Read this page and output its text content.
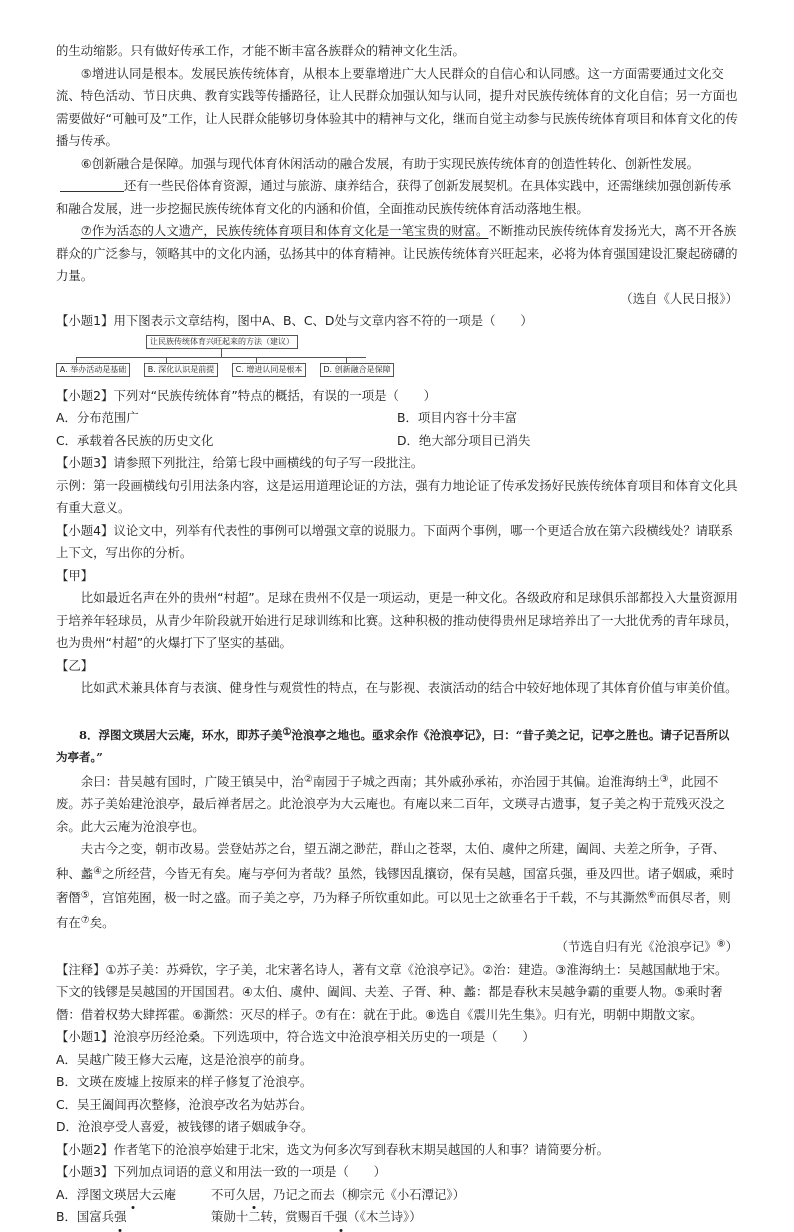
的生动缩影。只有做好传承工作，才能不断丰富各族群众的精神文化生活。

⑤增进认同是根本。发展民族传统体育，从根本上要靠增进广大人民群众的自信心和认同感。这一方面需要通过文化交流、特色活动、节日庆典、教育实践等传播路径，让人民群众加强认知与认同，提升对民族传统体育的文化自信；另一方面也需要做好“可触可及”工作，让人民群众能够切身体验其中的精神与文化，继而自觉主动参与民族传统体育项目和体育文化的传播与传承。

⑥创新融合是保障。加强与现代体育休闲活动的融合发展，有助于实现民族传统体育的创造性转化、创新性发展。还有一些民俗体育资源，通过与旅游、康养结合，获得了创新发展契机。在具体实践中，还需继续加强创新传承和融合发展，进一步挖掘民族传统体育文化的内涵和价值，全面推动民族传统体育活动落地生根。

⑦作为活态的人文遗产，民族传统体育项目和体育文化是一笔宝贵的财富。不断推动民族传统体育发扬光大，离不开各族群众的广泛参与，领略其中的文化内涵，弘扬其中的体育精神。让民族传统体育兴旺起来，必将为体育强国建设汇聚起磅礴的力量。

（选自《人民日报》）

【小题1】用下图表示文章结构，图中A、B、C、D处与文章内容不符的一项是（　　）

让民族传统体育兴旺起来的方法（建议）
A. 举办活动是基础	B. 深化认识是前提	C. 增进认同是根本	D. 创新融合是保障

【小题2】下列对“民族传统体育”特点的概括，有误的一项是（　　）

A．分布范围广	B．项目内容十分丰富
C．承载着各民族的历史文化	D．绝大部分项目已消失

【小题3】请参照下列批注，给第七段中画横线的句子写一段批注。

示例：第一段画横线句引用法条内容，这是运用道理论证的方法，强有力地论证了传承发扬好民族传统体育项目和体育文化具有重大意义。

【小题4】议论文中，列举有代表性的事例可以增强文章的说服力。下面两个事例，哪一个更适合放在第六段横线处？请联系上下文，写出你的分析。

【甲】

比如最近名声在外的贵州“村超”。足球在贵州不仅是一项运动，更是一种文化。各级政府和足球俱乐部都投入大量资源用于培养年轻球员，从青少年阶段就开始进行足球训练和比赛。这种积极的推动使得贵州足球培养出了一大批优秀的青年球员，也为贵州“村超”的火爆打下了坚实的基础。

【乙】

比如武术兼具体育与表演、健身性与观赏性的特点，在与影视、表演活动的结合中较好地体现了其体育价值与审美价值。

8．浮图文瑛居大云庵，环水，即苏子美①沧浪亭之地也。亟求余作《沧浪亭记》，曰：“昔子美之记，记亭之胜也。请子记吾所以为亭者。”

余曰：昔吴越有国时，广陵王镇吴中，治②南园于子城之西南；其外戚孙承祐，亦治园于其偏。迨淮海纳土③，此园不废。苏子美始建沧浪亭，最后禅者居之。此沧浪亭为大云庵也。有庵以来二百年，文瑛寻古遗事，复子美之构于荒残灭没之余。此大云庵为沧浪亭也。

夫古今之变，朝市改易。尝登姑苏之台，望五湖之渺茫，群山之苍翠，太伯、虞仲之所建，阖闾、夫差之所争，子胥、种、蠡④之所经营，今皆无有矣。庵与亭何为者哉？虽然，钱镠因乱攘窃，保有吴越，国富兵强，垂及四世。诸子姻戚，乘时奢僭⑤，宫馆苑囿，极一时之盛。而子美之亭，乃为释子所钦重如此。可以见士之欲垂名于千载，不与其澌然⑥而俱尽者，则有在⑦矣。

（节选自归有光《沧浪亭记》⑧）

【注释】①苏子美：苏舜钦，字子美，北宋著名诗人，著有文章《沧浪亭记》。②治：建造。③淮海纳土：吴越国献地于宋。下文的钱镠是吴越国的开国国君。④太伯、虞仲、阖闾、夫差、子胥、种、蠡：都是春秋末吴越争霸的重要人物。⑤乘时奢僭：借着权势大肆挥霍。⑥澌然：灭尽的样子。⑦有在：就在于此。⑧选自《震川先生集》。归有光，明朝中期散文家。

【小题1】沧浪亭历经沧桑。下列选项中，符合选文中沧浪亭相关历史的一项是（　　）

A．吴越广陵王修大云庵，这是沧浪亭的前身。

B．文瑛在废墟上按原来的样子修复了沧浪亭。

C．吴王阖闾再次整修，沧浪亭改名为姑苏台。

D．沧浪亭受人喜爱，被钱镠的诸子姻戚争夺。

【小题2】作者笔下的沧浪亭始建于北宋，选文为何多次写到春秋末期吴越国的人和事？请简要分析。

【小题3】下列加点词语的意义和用法一致的一项是（　　）

A．浮图文瑛居大云庵	不可久居，乃记之而去（柳宗元《小石潭记》）
B．国富兵强	策勋十二转，赏赐百千强（《木兰诗》）
